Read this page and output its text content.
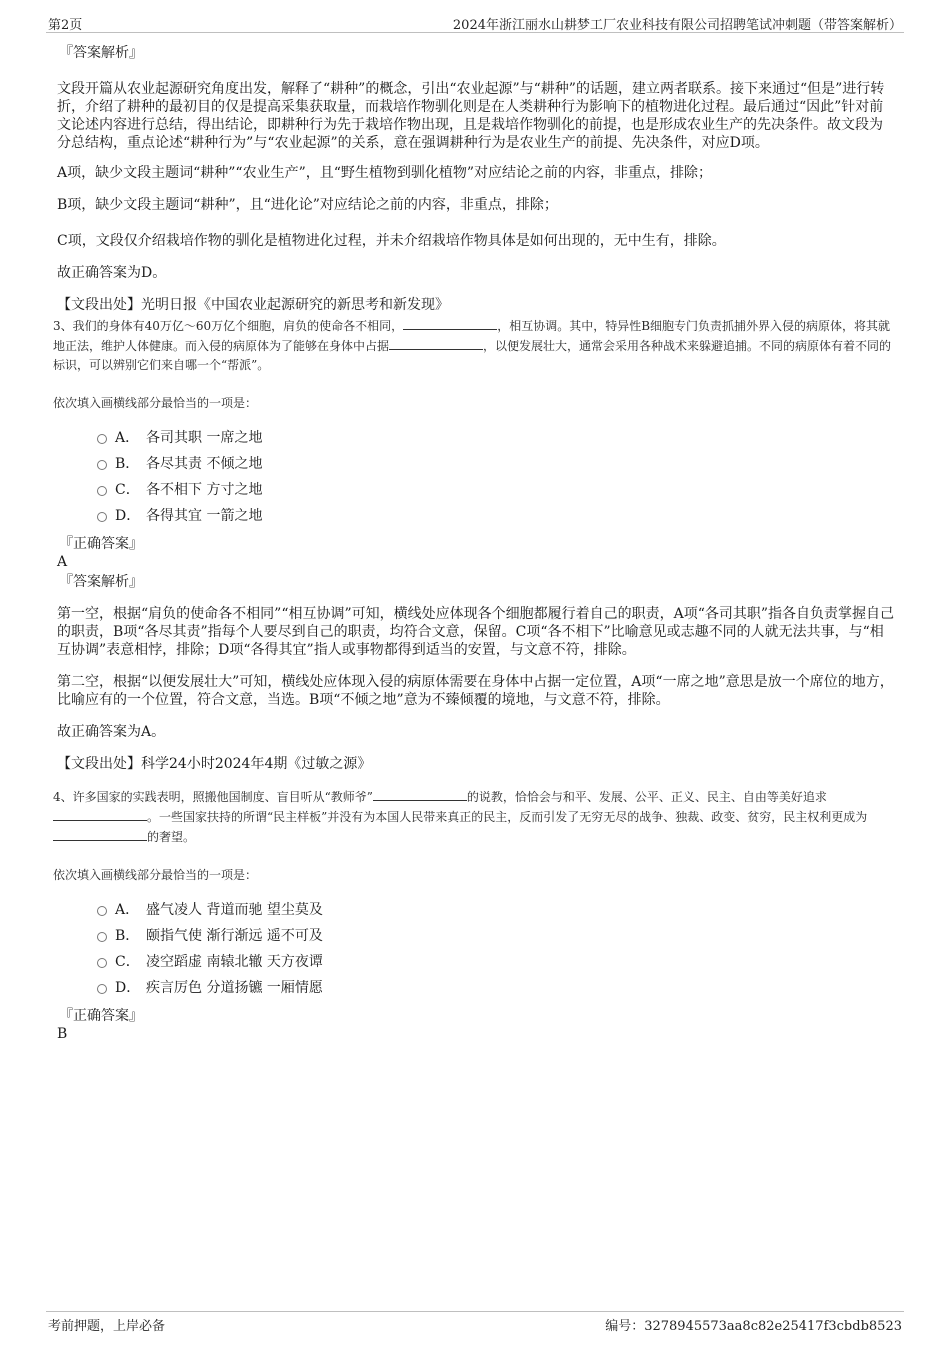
第2页	2024年浙江丽水山耕梦工厂农业科技有限公司招聘笔试冲刺题（带答案解析）

『答案解析』

文段开篇从农业起源研究角度出发，解释了“耕种”的概念，引出“农业起源”与“耕种”的话题，建立两者联系。接下来通过“但是”进行转折，介绍了耕种的最初目的仅是提高采集获取量，而栽培作物驯化则是在人类耕种行为影响下的植物进化过程。最后通过“因此”针对前文论述内容进行总结，得出结论，即耕种行为先于栽培作物出现，且是栽培作物驯化的前提，也是形成农业生产的先决条件。故文段为分总结构，重点论述“耕种行为”与“农业起源”的关系，意在强调耕种行为是农业生产的前提、先决条件，对应D项。

A项，缺少文段主题词“耕种”“农业生产”，且“野生植物到驯化植物”对应结论之前的内容，非重点，排除；

B项，缺少文段主题词“耕种”，且“进化论”对应结论之前的内容，非重点，排除；

C项，文段仅介绍栽培作物的驯化是植物进化过程，并未介绍栽培作物具体是如何出现的，无中生有，排除。

故正确答案为D。

【文段出处】光明日报《中国农业起源研究的新思考和新发现》

3、我们的身体有40万亿～60万亿个细胞，肩负的使命各不相同，	，相互协调。其中，特异性B细胞专门负责抓捕外界入侵的病原体，将其就地正法，维护人体健康。而入侵的病原体为了能够在身体中占据	，以便发展壮大，通常会采用各种战术来躲避追捕。不同的病原体有着不同的标识，可以辨别它们来自哪一个“帮派”。

依次填入画横线部分最恰当的一项是：

A． 各司其职 一席之地
B． 各尽其责 不倾之地
C． 各不相下 方寸之地
D． 各得其宜 一箭之地

『正确答案』

A

『答案解析』

第一空，根据“肩负的使命各不相同”“相互协调”可知，横线处应体现各个细胞都履行着自己的职责，A项“各司其职”指各自负责掌握自己的职责，B项“各尽其责”指每个人要尽到自己的职责，均符合文意，保留。C项“各不相下”比喻意见或志趣不同的人就无法共事，与“相互协调”表意相悖，排除；D项“各得其宜”指人或事物都得到适当的安置，与文意不符，排除。

第二空，根据“以便发展壮大”可知，横线处应体现入侵的病原体需要在身体中占据一定位置，A项“一席之地”意思是放一个席位的地方，比喻应有的一个位置，符合文意，当选。B项“不倾之地”意为不臻倾覆的境地，与文意不符，排除。

故正确答案为A。

【文段出处】科学24小时2024年4期《过敏之源》

4、许多国家的实践表明，照搬他国制度、盲目听从“教师爷”	的说教，恰恰会与和平、发展、公平、正义、民主、自由等美好追求。一些国家扶持的所谓“民主样板”并没有为本国人民带来真正的民主，反而引发了无穷无尽的战争、独裁、政变、贫穷，民主权利更成为的奢望。

依次填入画横线部分最恰当的一项是：

A． 盛气凌人 背道而驰 望尘莫及
B． 颐指气使 渐行渐远 遥不可及
C． 凌空蹈虚 南辕北辙 天方夜谭
D． 疾言厉色 分道扬镳 一厢情愿

『正确答案』

B

考前押题，上岸必备	编号：3278945573aa8c82e25417f3cbdb8523
